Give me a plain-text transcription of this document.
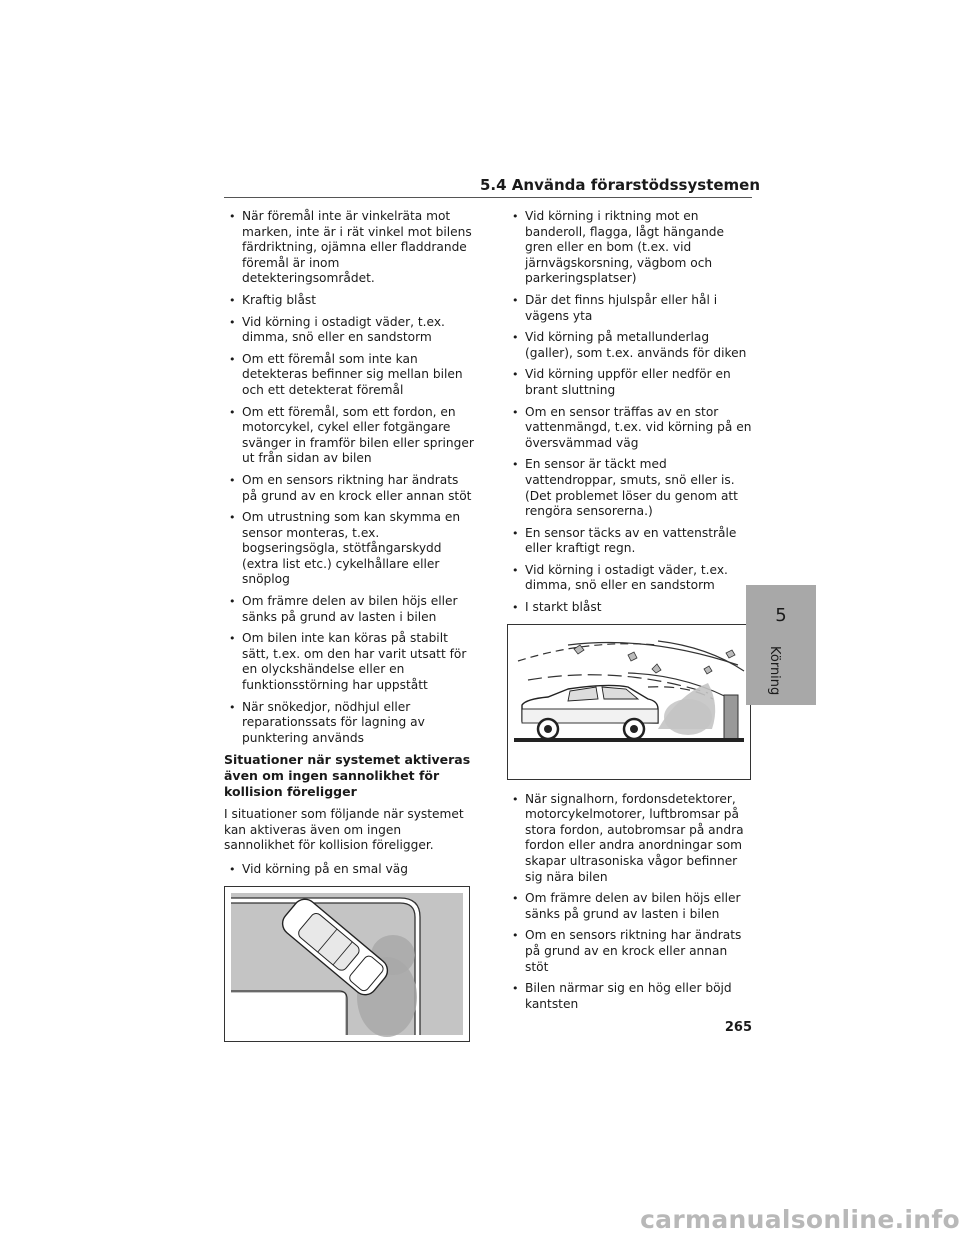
5.4 Använda förarstödssystemen
• När föremål inte är vinkelräta mot marken, inte är i rät vinkel mot bilens färdriktning, ojämna eller fladdrande föremål är inom detekteringsområdet.
• Kraftig blåst
• Vid körning i ostadigt väder, t.ex. dimma, snö eller en sandstorm
• Om ett föremål som inte kan detekteras befinner sig mellan bilen och ett detekterat föremål
• Om ett föremål, som ett fordon, en motorcykel, cykel eller fotgängare svänger in framför bilen eller springer ut från sidan av bilen
• Om en sensors riktning har ändrats på grund av en krock eller annan stöt
• Om utrustning som kan skymma en sensor monteras, t.ex. bogseringsögla, stötfångarskydd (extra list etc.) cykelhållare eller snöplog
• Om främre delen av bilen höjs eller sänks på grund av lasten i bilen
• Om bilen inte kan köras på stabilt sätt, t.ex. om den har varit utsatt för en olyckshändelse eller en funktionsstörning har uppstått
• När snökedjor, nödhjul eller reparationssats för lagning av punktering används
Situationer när systemet aktiveras även om ingen sannolikhet för kollision föreligger
I situationer som följande när systemet kan aktiveras även om ingen sannolikhet för kollision föreligger.
• Vid körning på en smal väg
• Vid körning i riktning mot en banderoll, flagga, lågt hängande gren eller en bom (t.ex. vid järnvägskorsning, vägbom och parkeringsplatser)
• Där det finns hjulspår eller hål i vägens yta
• Vid körning på metallunderlag (galler), som t.ex. används för diken
• Vid körning uppför eller nedför en brant sluttning
• Om en sensor träffas av en stor vattenmängd, t.ex. vid körning på en översvämmad väg
• En sensor är täckt med vattendroppar, smuts, snö eller is. (Det problemet löser du genom att rengöra sensorerna.)
• En sensor täcks av en vattenstråle eller kraftigt regn.
• Vid körning i ostadigt väder, t.ex. dimma, snö eller en sandstorm
• I starkt blåst
• När signalhorn, fordonsdetektorer, motorcykelmotorer, luftbromsar på stora fordon, autobromsar på andra fordon eller andra anordningar som skapar ultrasoniska vågor befinner sig nära bilen
• Om främre delen av bilen höjs eller sänks på grund av lasten i bilen
• Om en sensors riktning har ändrats på grund av en krock eller annan stöt
• Bilen närmar sig en hög eller böjd kantsten
5
Körning
265
carmanualsonline.info
